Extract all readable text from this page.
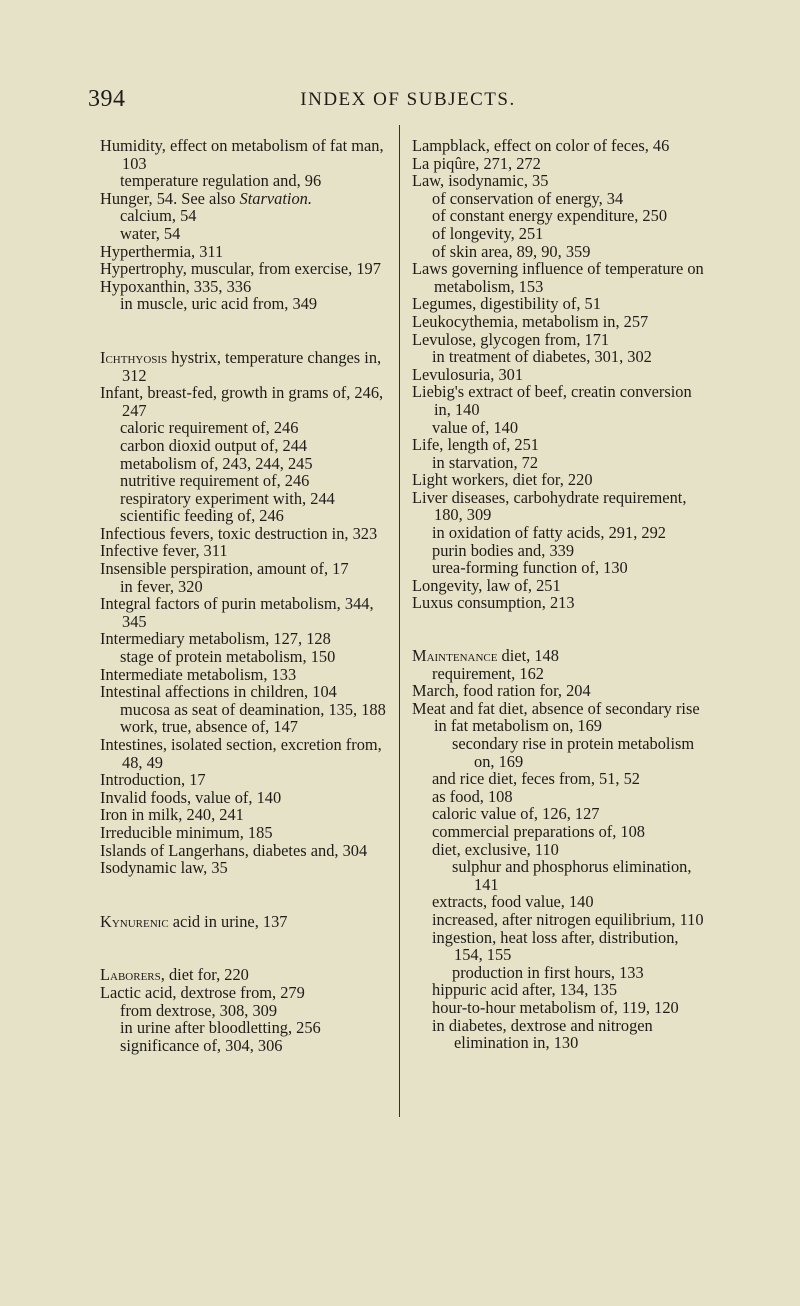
394	INDEX OF SUBJECTS.
Humidity, effect on metabolism of fat man, 103
temperature regulation and, 96
Hunger, 54. See also Starvation.
calcium, 54
water, 54
Hyperthermia, 311
Hypertrophy, muscular, from exercise, 197
Hypoxanthin, 335, 336
in muscle, uric acid from, 349
Ichthyosis hystrix, temperature changes in, 312
Infant, breast-fed, growth in grams of, 246, 247
caloric requirement of, 246
carbon dioxid output of, 244
metabolism of, 243, 244, 245
nutritive requirement of, 246
respiratory experiment with, 244
scientific feeding of, 246
Infectious fevers, toxic destruction in, 323
Infective fever, 311
Insensible perspiration, amount of, 17
in fever, 320
Integral factors of purin metabolism, 344, 345
Intermediary metabolism, 127, 128
stage of protein metabolism, 150
Intermediate metabolism, 133
Intestinal affections in children, 104
mucosa as seat of deamination, 135, 188
work, true, absence of, 147
Intestines, isolated section, excretion from, 48, 49
Introduction, 17
Invalid foods, value of, 140
Iron in milk, 240, 241
Irreducible minimum, 185
Islands of Langerhans, diabetes and, 304
Isodynamic law, 35
Kynurenic acid in urine, 137
Laborers, diet for, 220
Lactic acid, dextrose from, 279
from dextrose, 308, 309
in urine after bloodletting, 256
significance of, 304, 306
Lampblack, effect on color of feces, 46
La piqûre, 271, 272
Law, isodynamic, 35
of conservation of energy, 34
of constant energy expenditure, 250
of longevity, 251
of skin area, 89, 90, 359
Laws governing influence of temperature on metabolism, 153
Legumes, digestibility of, 51
Leukocythemia, metabolism in, 257
Levulose, glycogen from, 171
in treatment of diabetes, 301, 302
Levulosuria, 301
Liebig's extract of beef, creatin conversion in, 140
value of, 140
Life, length of, 251
in starvation, 72
Light workers, diet for, 220
Liver diseases, carbohydrate requirement, 180, 309
in oxidation of fatty acids, 291, 292
purin bodies and, 339
urea-forming function of, 130
Longevity, law of, 251
Luxus consumption, 213
Maintenance diet, 148
requirement, 162
March, food ration for, 204
Meat and fat diet, absence of secondary rise in fat metabolism on, 169
secondary rise in protein metabolism on, 169
and rice diet, feces from, 51, 52
as food, 108
caloric value of, 126, 127
commercial preparations of, 108
diet, exclusive, 110
sulphur and phosphorus elimination, 141
extracts, food value, 140
increased, after nitrogen equilibrium, 110
ingestion, heat loss after, distribution, 154, 155
production in first hours, 133
hippuric acid after, 134, 135
hour-to-hour metabolism of, 119, 120
in diabetes, dextrose and nitrogen elimination in, 130
